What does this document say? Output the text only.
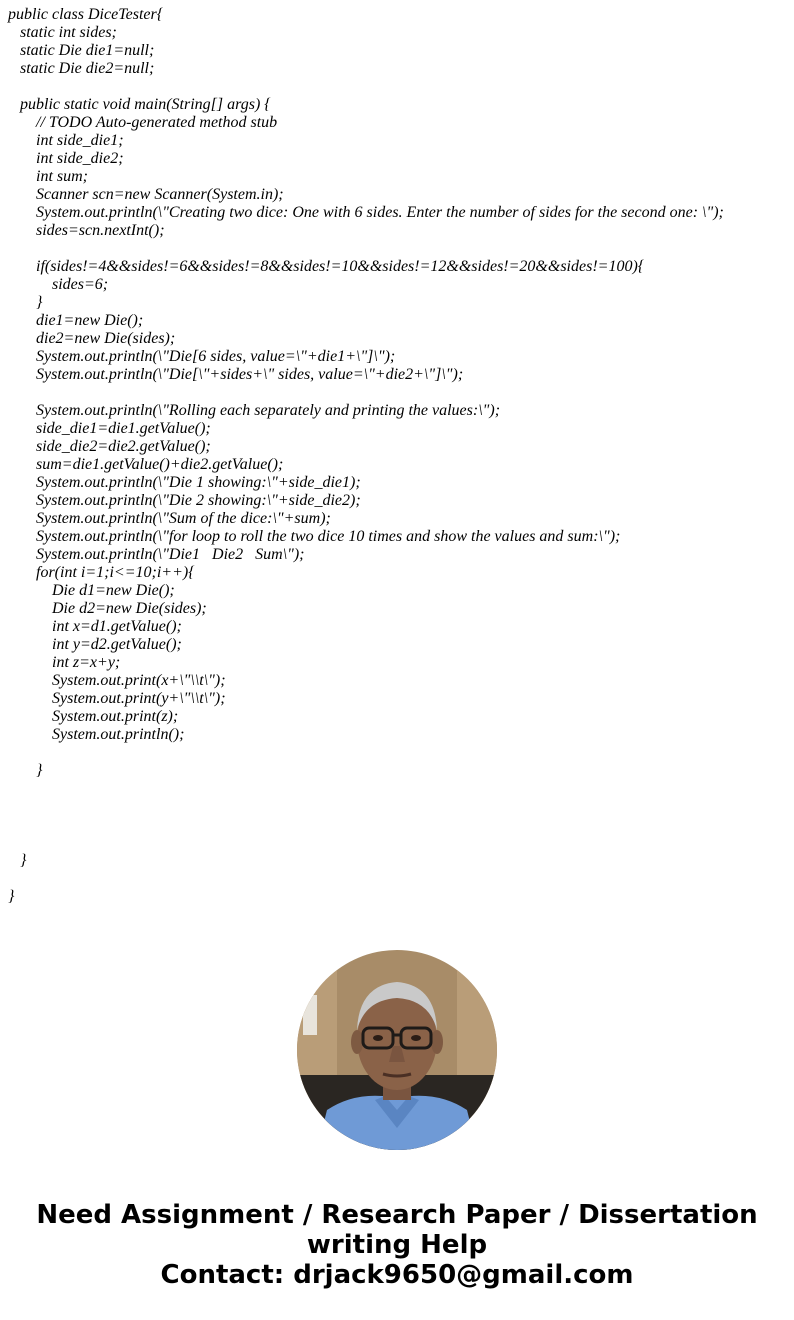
public class DiceTester{
static int sides;
static Die die1=null;
static Die die2=null;
public static void main(String[] args) {
// TODO Auto-generated method stub
int side_die1;
int side_die2;
int sum;
Scanner scn=new Scanner(System.in);
System.out.println(\"Creating two dice: One with 6 sides. Enter the number of sides for the second one: \");
sides=scn.nextInt();
if(sides!=4&&sides!=6&&sides!=8&&sides!=10&&sides!=12&&sides!=20&&sides!=100){
sides=6;
}
die1=new Die();
die2=new Die(sides);
System.out.println(\"Die[6 sides, value=\"+die1+\"]\");
System.out.println(\"Die[\"+sides+\" sides, value=\"+die2+\"]\");
System.out.println(\"Rolling each separately and printing the values:\");
side_die1=die1.getValue();
side_die2=die2.getValue();
sum=die1.getValue()+die2.getValue();
System.out.println(\"Die 1 showing:\"+side_die1);
System.out.println(\"Die 2 showing:\"+side_die2);
System.out.println(\"Sum of the dice:\"+sum);
System.out.println(\"for loop to roll the two dice 10 times and show the values and sum:\");
System.out.println(\"Die1   Die2   Sum\");
for(int i=1;i<=10;i++){
Die d1=new Die();
Die d2=new Die(sides);
int x=d1.getValue();
int y=d2.getValue();
int z=x+y;
System.out.print(x+\"\\t\");
System.out.print(y+\"\\t\");
System.out.print(z);
System.out.println();
}
}
}
Need Assignment / Research Paper / Dissertation
writing Help
Contact: drjack9650@gmail.com
